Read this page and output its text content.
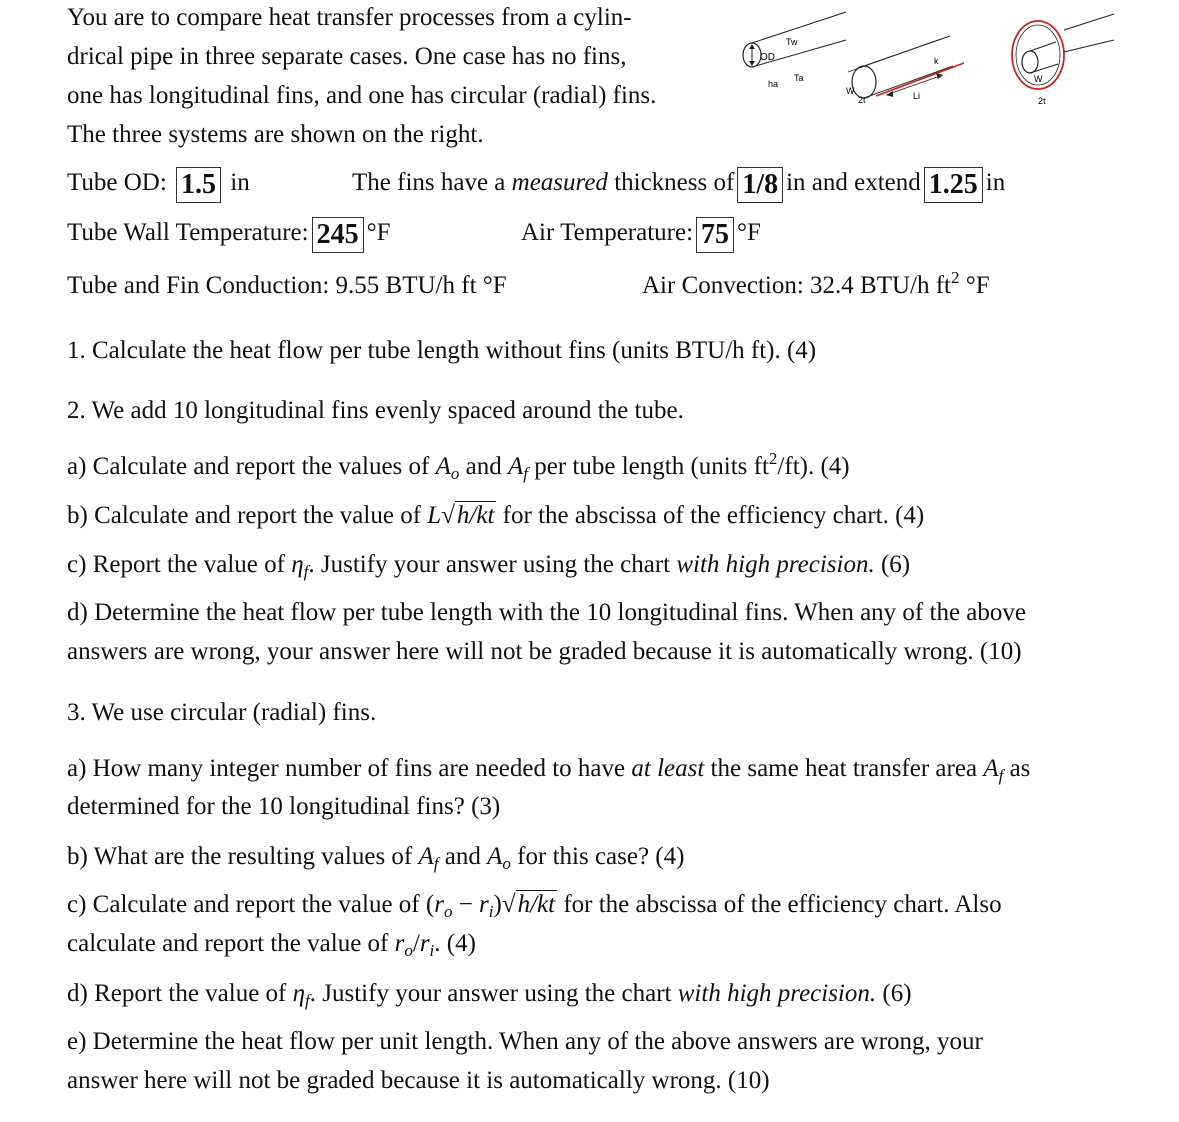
You are to compare heat transfer processes from a cylin-
drical pipe in three separate cases. One case has no fins,
one has longitudinal fins, and one has circular (radial) fins.
The three systems are shown on the right.
OD
Tw
ha
Ta
W
2t	Li
k
W
2t
Tube OD: 1.5 in	The fins have a measured thickness of 1/8 in and extend 1.25 in
Tube Wall Temperature: 245 °F	Air Temperature: 75 °F
Tube and Fin Conduction: 9.55 BTU/h ft °F	Air Convection: 32.4 BTU/h $ft^2$ °F
1. Calculate the heat flow per tube length without fins (units BTU/h ft). (4)
2. We add 10 longitudinal fins evenly spaced around the tube.
a) Calculate and report the values of $A_o$ and $A_f$ per tube length (units $ft^2/ft$). (4)
b) Calculate and report the value of L√h/kt for the abscissa of the efficiency chart. (4)
c) Report the value of $\eta_f$. Justify your answer using the chart with high precision. (6)
d) Determine the heat flow per tube length with the 10 longitudinal fins. When any of the above
answers are wrong, your answer here will not be graded because it is automatically wrong. (10)
3. We use circular (radial) fins.
a) How many integer number of fins are needed to have at least the same heat transfer area $A_f$ as
determined for the 10 longitudinal fins? (3)
b) What are the resulting values of $A_f$ and $A_o$ for this case? (4)
c) Calculate and report the value of $(r_o - r_i)√h/kt$ for the abscissa of the efficiency chart. Also
calculate and report the value of $r_o/r_i$. (4)
d) Report the value of $\eta_f$. Justify your answer using the chart with high precision. (6)
e) Determine the heat flow per unit length. When any of the above answers are wrong, your
answer here will not be graded because it is automatically wrong. (10)
